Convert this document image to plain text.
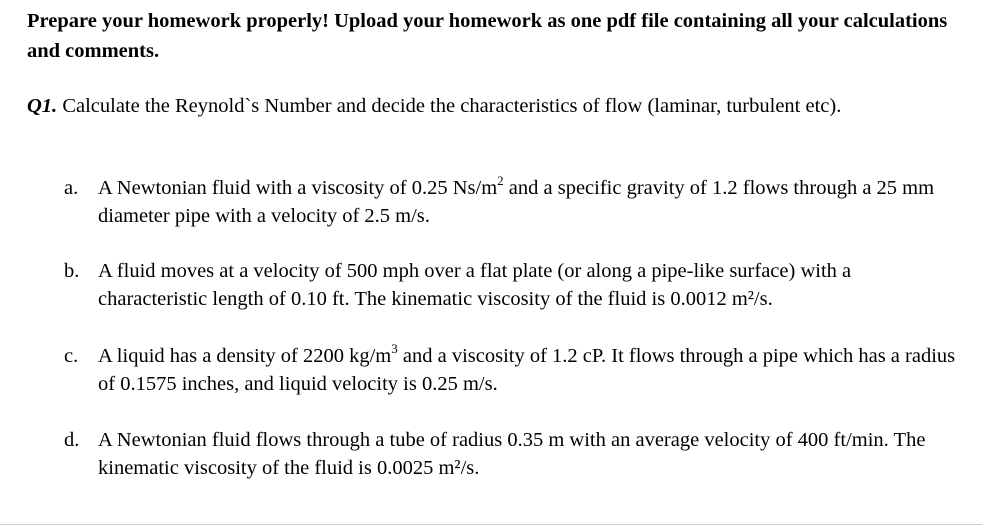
Prepare your homework properly! Upload your homework as one pdf file containing all your calculations and comments.

Q1. Calculate the Reynold`s Number and decide the characteristics of flow (laminar, turbulent etc).

a. A Newtonian fluid with a viscosity of 0.25 $Ns/m^2$ and a specific gravity of 1.2 flows through a 25 mm diameter pipe with a velocity of 2.5 m/s.
b. A fluid moves at a velocity of 500 mph over a flat plate (or along a pipe-like surface) with a characteristic length of 0.10 ft. The kinematic viscosity of the fluid is 0.0012 m²/s.
c. A liquid has a density of 2200 $kg/m^3$ and a viscosity of 1.2 cP. It flows through a pipe which has a radius of 0.1575 inches, and liquid velocity is 0.25 m/s.
d. A Newtonian fluid flows through a tube of radius 0.35 m with an average velocity of 400 ft/min. The kinematic viscosity of the fluid is 0.0025 m²/s.
